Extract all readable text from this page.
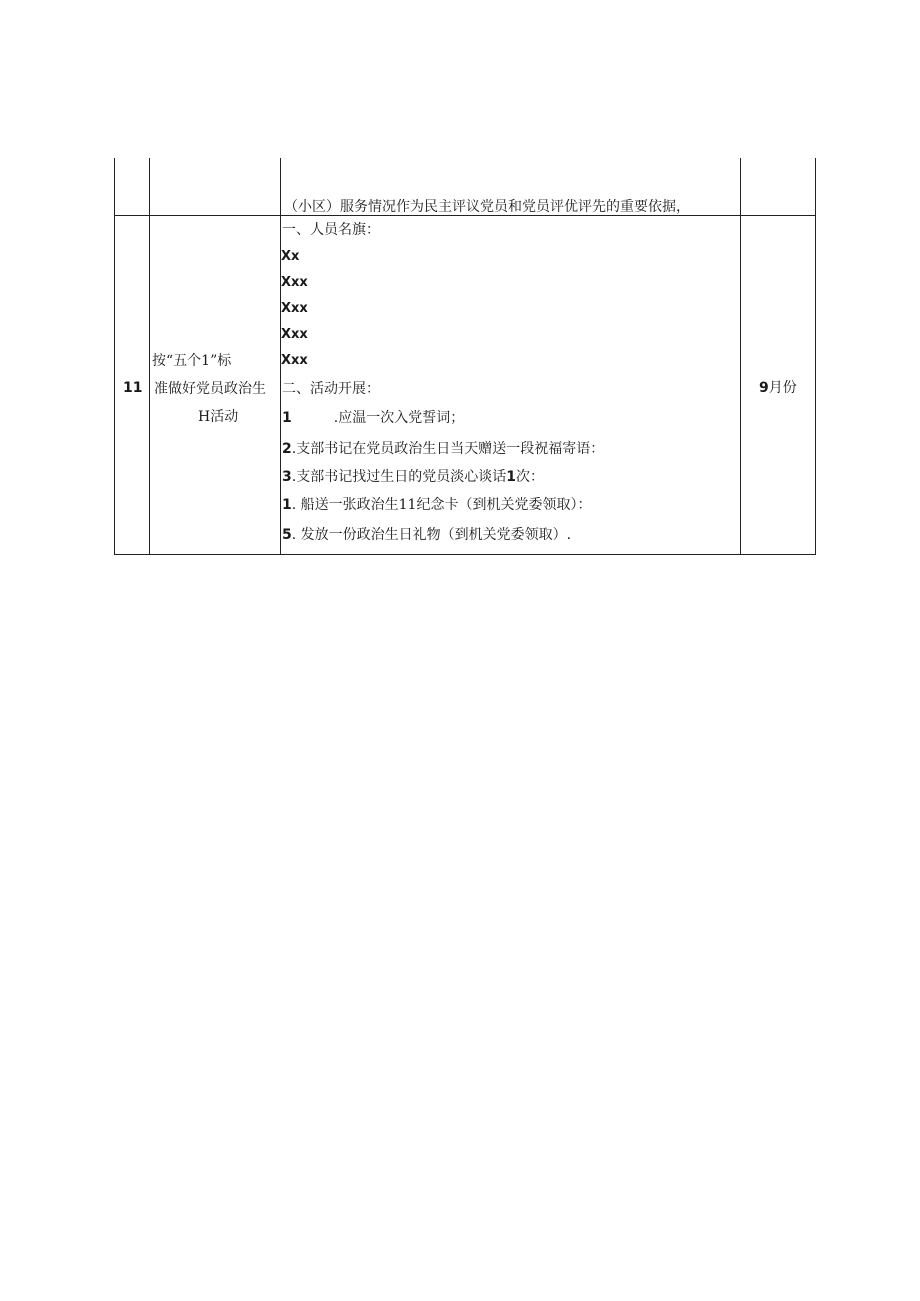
（小区）服务情况作为民主评议党员和党员评优评先的重要依据，
11
按“五个1”标
准做好党员政治生
H活动
一、人员名旗：
Xx
Xxx
Xxx
Xxx
Xxx
二、活动开展：
1	.应温一次入党誓词；
2.支部书记在党员政治生日当天赠送一段祝福寄语：
3.支部书记找过生日的党员淡心谈话1次：
1. 船送一张政治生11纪念卡（到机关党委领取）：
5. 发放一份政治生日礼物（到机关党委领取）.
9月份
